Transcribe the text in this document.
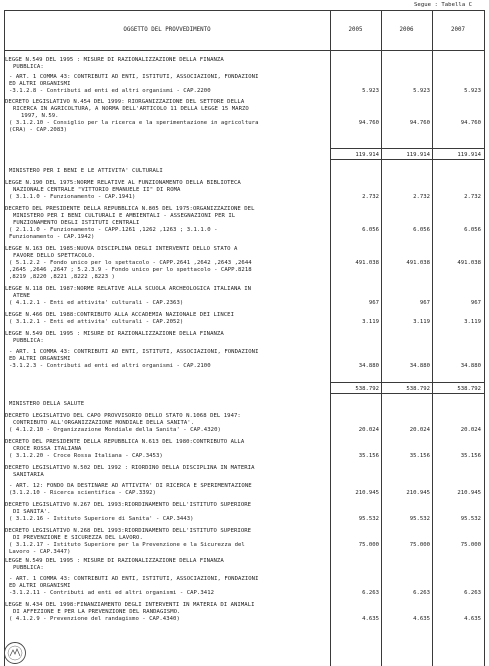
Segue : Tabella C
OGGETTO DEL PROVVEDIMENTO	2005	2006	2007
LEGGE N.549 DEL 1995 : MISURE DI RAZIONALIZZAZIONE DELLA FINANZA
PUBBLICA:
- ART. 1 COMMA 43: CONTRIBUTI AD ENTI, ISTITUTI, ASSOCIAZIONI, FONDAZIONI
ED ALTRI ORGANISMI
-3.1.2.8 - Contributi ad enti ed altri organismi - CAP.2200	5.923	5.923	5.923
DECRETO LEGISLATIVO N.454 DEL 1999: RIORGANIZZAZIONE DEL SETTORE DELLA
RICERCA IN AGRICOLTURA, A NORMA DELL'ARTICOLO 11 DELLA LEGGE 15 MARZO
1997, N.59.
( 3.1.2.10 - Consiglio per la ricerca e la sperimentazione in agricoltura	94.760	94.760	94.760
(CRA) - CAP.2083)
119.914	119.914	119.914
MINISTERO PER I BENI E LE ATTIVITA' CULTURALI
LEGGE N.190 DEL 1975:NORME RELATIVE AL FUNZIONAMENTO DELLA BIBLIOTECA
NAZIONALE CENTRALE "VITTORIO EMANUELE II" DI ROMA
( 3.1.1.0 - Funzionamento - CAP.1941)	2.732	2.732	2.732
DECRETO DEL PRESIDENTE DELLA REPUBBLICA N.805 DEL 1975:ORGANIZZAZIONE DEL
MINISTERO PER I BENI CULTURALI E AMBIENTALI - ASSEGNAZIONI PER IL
FUNZIONAMENTO DEGLI ISTITUTI CENTRALI
( 2.1.1.0 - Funzionamento - CAPP.1261 ,1262 ,1263 ; 3.1.1.0 -	6.056	6.056	6.056
Funzionamento - CAP.1942)
LEGGE N.163 DEL 1985:NUOVA DISCIPLINA DEGLI INTERVENTI DELLO STATO A
FAVORE DELLO SPETTACOLO.
( 5.1.2.2 - Fondo unico per lo spettacolo - CAPP.2641 ,2642 ,2643 ,2644	491.038	491.038	491.038
,2645 ,2646 ,2647 ; 5.2.3.9 - Fondo unico per lo spettacolo - CAPP.8218
,8219 ,8220 ,8221 ,8222 ,8223 )
LEGGE N.118 DEL 1987:NORME RELATIVE ALLA SCUOLA ARCHEOLOGICA ITALIANA IN
ATENE
( 4.1.2.1 - Enti ed attivita' culturali - CAP.2363)	967	967	967
LEGGE N.466 DEL 1988:CONTRIBUTO ALLA ACCADEMIA NAZIONALE DEI LINCEI
( 3.1.2.1 - Enti ed attivita' culturali - CAP.2052)	3.119	3.119	3.119
LEGGE N.549 DEL 1995 : MISURE DI RAZIONALIZZAZIONE DELLA FINANZA
PUBBLICA:
- ART. 1 COMMA 43: CONTRIBUTI AD ENTI, ISTITUTI, ASSOCIAZIONI, FONDAZIONI
ED ALTRI ORGANISMI
-3.1.2.3 - Contributi ad enti ed altri organismi - CAP.2100	34.880	34.880	34.880
538.792	538.792	538.792
MINISTERO DELLA SALUTE
DECRETO LEGISLATIVO DEL CAPO PROVVISORIO DELLO STATO N.1068 DEL 1947:
CONTRIBUTO ALL'ORGANIZZAZIONE MONDIALE DELLA SANITA'.
( 4.1.2.10 - Organizzazione Mondiale della Sanita' - CAP.4320)	20.024	20.024	20.024
DECRETO DEL PRESIDENTE DELLA REPUBBLICA N.613 DEL 1980:CONTRIBUTO ALLA
CROCE ROSSA ITALIANA
( 3.1.2.20 - Croce Rossa Italiana - CAP.3453)	35.156	35.156	35.156
DECRETO LEGISLATIVO N.502 DEL 1992 : RIORDINO DELLA DISCIPLINA IN MATERIA
SANITARIA
- ART. 12: FONDO DA DESTINARE AD ATTIVITA' DI RICERCA E SPERIMENTAZIONE
(3.1.2.10 - Ricerca scientifica - CAP.3392)	210.945	210.945	210.945
DECRETO LEGISLATIVO N.267 DEL 1993:RIORDINAMENTO DELL'ISTITUTO SUPERIORE
DI SANITA'.
( 3.1.2.16 - Istituto Superiore di Sanita' - CAP.3443)	95.532	95.532	95.532
DECRETO LEGISLATIVO N.268 DEL 1993:RIORDINAMENTO DELL'ISTITUTO SUPERIORE
DI PREVENZIONE E SICUREZZA DEL LAVORO.
( 3.1.2.17 - Istituto Superiore per la Prevenzione e la Sicurezza del	75.000	75.000	75.000
Lavoro - CAP.3447)
LEGGE N.549 DEL 1995 : MISURE DI RAZIONALIZZAZIONE DELLA FINANZA
PUBBLICA:
- ART. 1 COMMA 43: CONTRIBUTI AD ENTI, ISTITUTI, ASSOCIAZIONI, FONDAZIONI
ED ALTRI ORGANISMI
-3.1.2.11 - Contributi ad enti ed altri organismi - CAP.3412	6.263	6.263	6.263
LEGGE N.434 DEL 1998:FINANZIAMENTO DEGLI INTERVENTI IN MATERIA DI ANIMALI
DI AFFEZIONE E PER LA PREVENZIONE DEL RANDAGISMO.
( 4.1.2.9 - Prevenzione del randagismo - CAP.4340)	4.635	4.635	4.635
